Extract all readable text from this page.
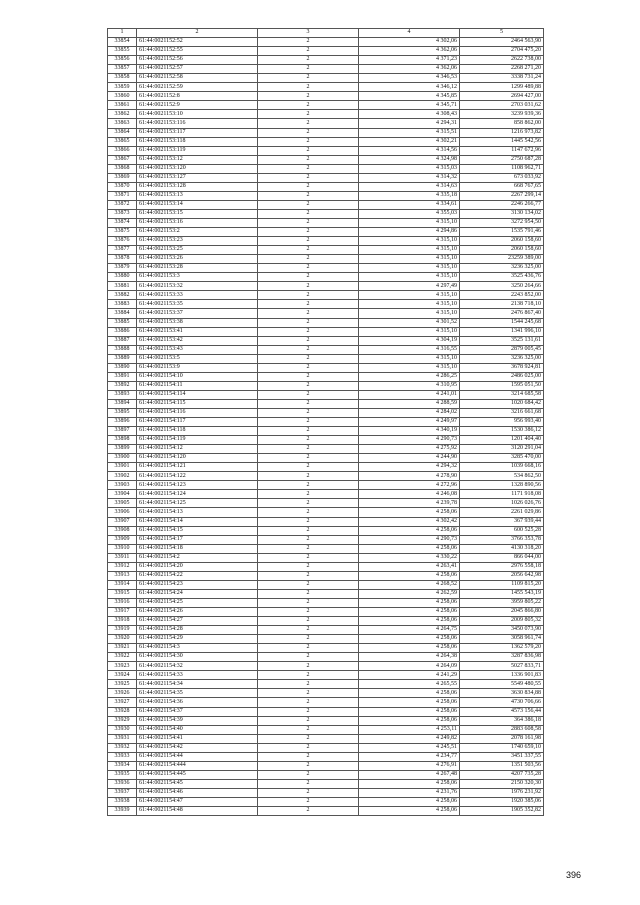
1	2	3	4	5
33854	61:44:0021152:52	2	4 302,06	2464 563,90
33855	61:44:0021152:55	2	4 362,06	2704 475,20
33856	61:44:0021152:56	2	4 371,23	2622 738,00
33857	61:44:0021152:57	2	4 362,06	2268 271,20
33858	61:44:0021152:58	2	4 346,53	3338 731,24
33859	61:44:0021152:59	2	4 346,12	1299 489,88
33860	61:44:0021152:8	2	4 345,85	2694 427,00
33861	61:44:0021152:9	2	4 345,71	2703 031,62
33862	61:44:0021153:10	2	4 308,43	3239 939,36
33863	61:44:0021153:116	2	4 294,31	858 862,00
33864	61:44:0021153:117	2	4 315,51	1216 973,82
33865	61:44:0021153:118	2	4 302,21	1445 542,56
33866	61:44:0021153:119	2	4 314,56	1147 672,96
33867	61:44:0021153:12	2	4 324,98	2750 687,28
33868	61:44:0021153:120	2	4 315,03	1108 962,71
33869	61:44:0021153:127	2	4 314,32	673 033,92
33870	61:44:0021153:128	2	4 314,63	668 767,65
33871	61:44:0021153:13	2	4 335,18	2267 299,14
33872	61:44:0021153:14	2	4 334,61	2246 266,77
33873	61:44:0021153:15	2	4 355,03	3130 134,02
33874	61:44:0021153:16	2	4 315,10	3272 954,50
33875	61:44:0021153:2	2	4 294,86	1535 791,46
33876	61:44:0021153:23	2	4 315,10	2060 158,60
33877	61:44:0021153:25	2	4 315,10	2060 158,60
33878	61:44:0021153:26	2	4 315,10	23259 389,00
33879	61:44:0021153:28	2	4 315,10	3236 325,00
33880	61:44:0021153:3	2	4 315,10	3525 436,76
33881	61:44:0021153:32	2	4 297,49	3250 264,66
33882	61:44:0021153:33	2	4 315,10	2243 852,00
33883	61:44:0021153:35	2	4 315,10	2138 718,10
33884	61:44:0021153:37	2	4 315,10	2476 867,40
33885	61:44:0021153:38	2	4 301,52	1544 245,68
33886	61:44:0021153:41	2	4 315,10	1341 996,10
33887	61:44:0021153:42	2	4 304,19	3525 131,61
33888	61:44:0021153:43	2	4 316,55	2879 005,45
33889	61:44:0021153:5	2	4 315,10	3236 325,00
33890	61:44:0021153:9	2	4 315,10	3678 924,81
33891	61:44:0021154:10	2	4 286,25	2486 025,00
33892	61:44:0021154:11	2	4 310,95	1595 051,50
33893	61:44:0021154:114	2	4 241,01	3214 685,58
33894	61:44:0021154:115	2	4 288,59	1020 684,42
33895	61:44:0021154:116	2	4 284,02	3216 661,68
33896	61:44:0021154:117	2	4 249,97	956 993,40
33897	61:44:0021154:118	2	4 340,19	1530 386,12
33898	61:44:0021154:119	2	4 290,73	1201 404,40
33899	61:44:0021154:12	2	4 275,92	3120 291,04
33900	61:44:0021154:120	2	4 244,90	3285 470,00
33901	61:44:0021154:121	2	4 294,32	1039 668,16
33902	61:44:0021154:122	2	4 278,90	534 862,50
33903	61:44:0021154:123	2	4 272,96	1328 890,56
33904	61:44:0021154:124	2	4 246,08	1171 918,08
33905	61:44:0021154:125	2	4 239,78	1026 026,76
33906	61:44:0021154:13	2	4 258,06	2261 029,86
33907	61:44:0021154:14	2	4 302,42	367 939,44
33908	61:44:0021154:15	2	4 258,06	600 525,28
33909	61:44:0021154:17	2	4 290,73	3766 353,78
33910	61:44:0021154:18	2	4 258,06	4130 318,20
33911	61:44:0021154:2	2	4 330,22	866 044,00
33912	61:44:0021154:20	2	4 263,41	2976 558,18
33913	61:44:0021154:22	2	4 258,06	2056 642,98
33914	61:44:0021154:23	2	4 268,52	1109 815,20
33915	61:44:0021154:24	2	4 262,59	1455 543,19
33916	61:44:0021154:25	2	4 258,06	3959 805,22
33917	61:44:0021154:26	2	4 258,06	2045 866,80
33918	61:44:0021154:27	2	4 258,06	2009 805,32
33919	61:44:0021154:28	2	4 264,75	3450 073,90
33920	61:44:0021154:29	2	4 258,06	3058 961,74
33921	61:44:0021154:3	2	4 258,06	1362 579,20
33922	61:44:0021154:30	2	4 264,38	3287 836,98
33923	61:44:0021154:32	2	4 264,09	5027 833,71
33924	61:44:0021154:33	2	4 241,29	1336 901,83
33925	61:44:0021154:34	2	4 265,55	5549 480,55
33926	61:44:0021154:35	2	4 258,06	3630 834,88
33927	61:44:0021154:36	2	4 258,06	4730 706,66
33928	61:44:0021154:37	2	4 258,06	4573 156,44
33929	61:44:0021154:39	2	4 258,06	364 386,18
33930	61:44:0021154:40	2	4 253,11	2883 608,58
33931	61:44:0021154:41	2	4 249,82	2078 161,98
33932	61:44:0021154:42	2	4 245,51	1740 659,10
33933	61:44:0021154:44	2	4 234,77	3451 337,55
33934	61:44:0021154:444	2	4 276,91	1351 503,56
33935	61:44:0021154:445	2	4 267,48	4207 735,28
33936	61:44:0021154:45	2	4 258,06	2150 320,30
33937	61:44:0021154:46	2	4 231,76	1976 231,92
33938	61:44:0021154:47	2	4 258,06	1920 385,06
33939	61:44:0021154:48	2	4 258,06	1905 352,82
396
